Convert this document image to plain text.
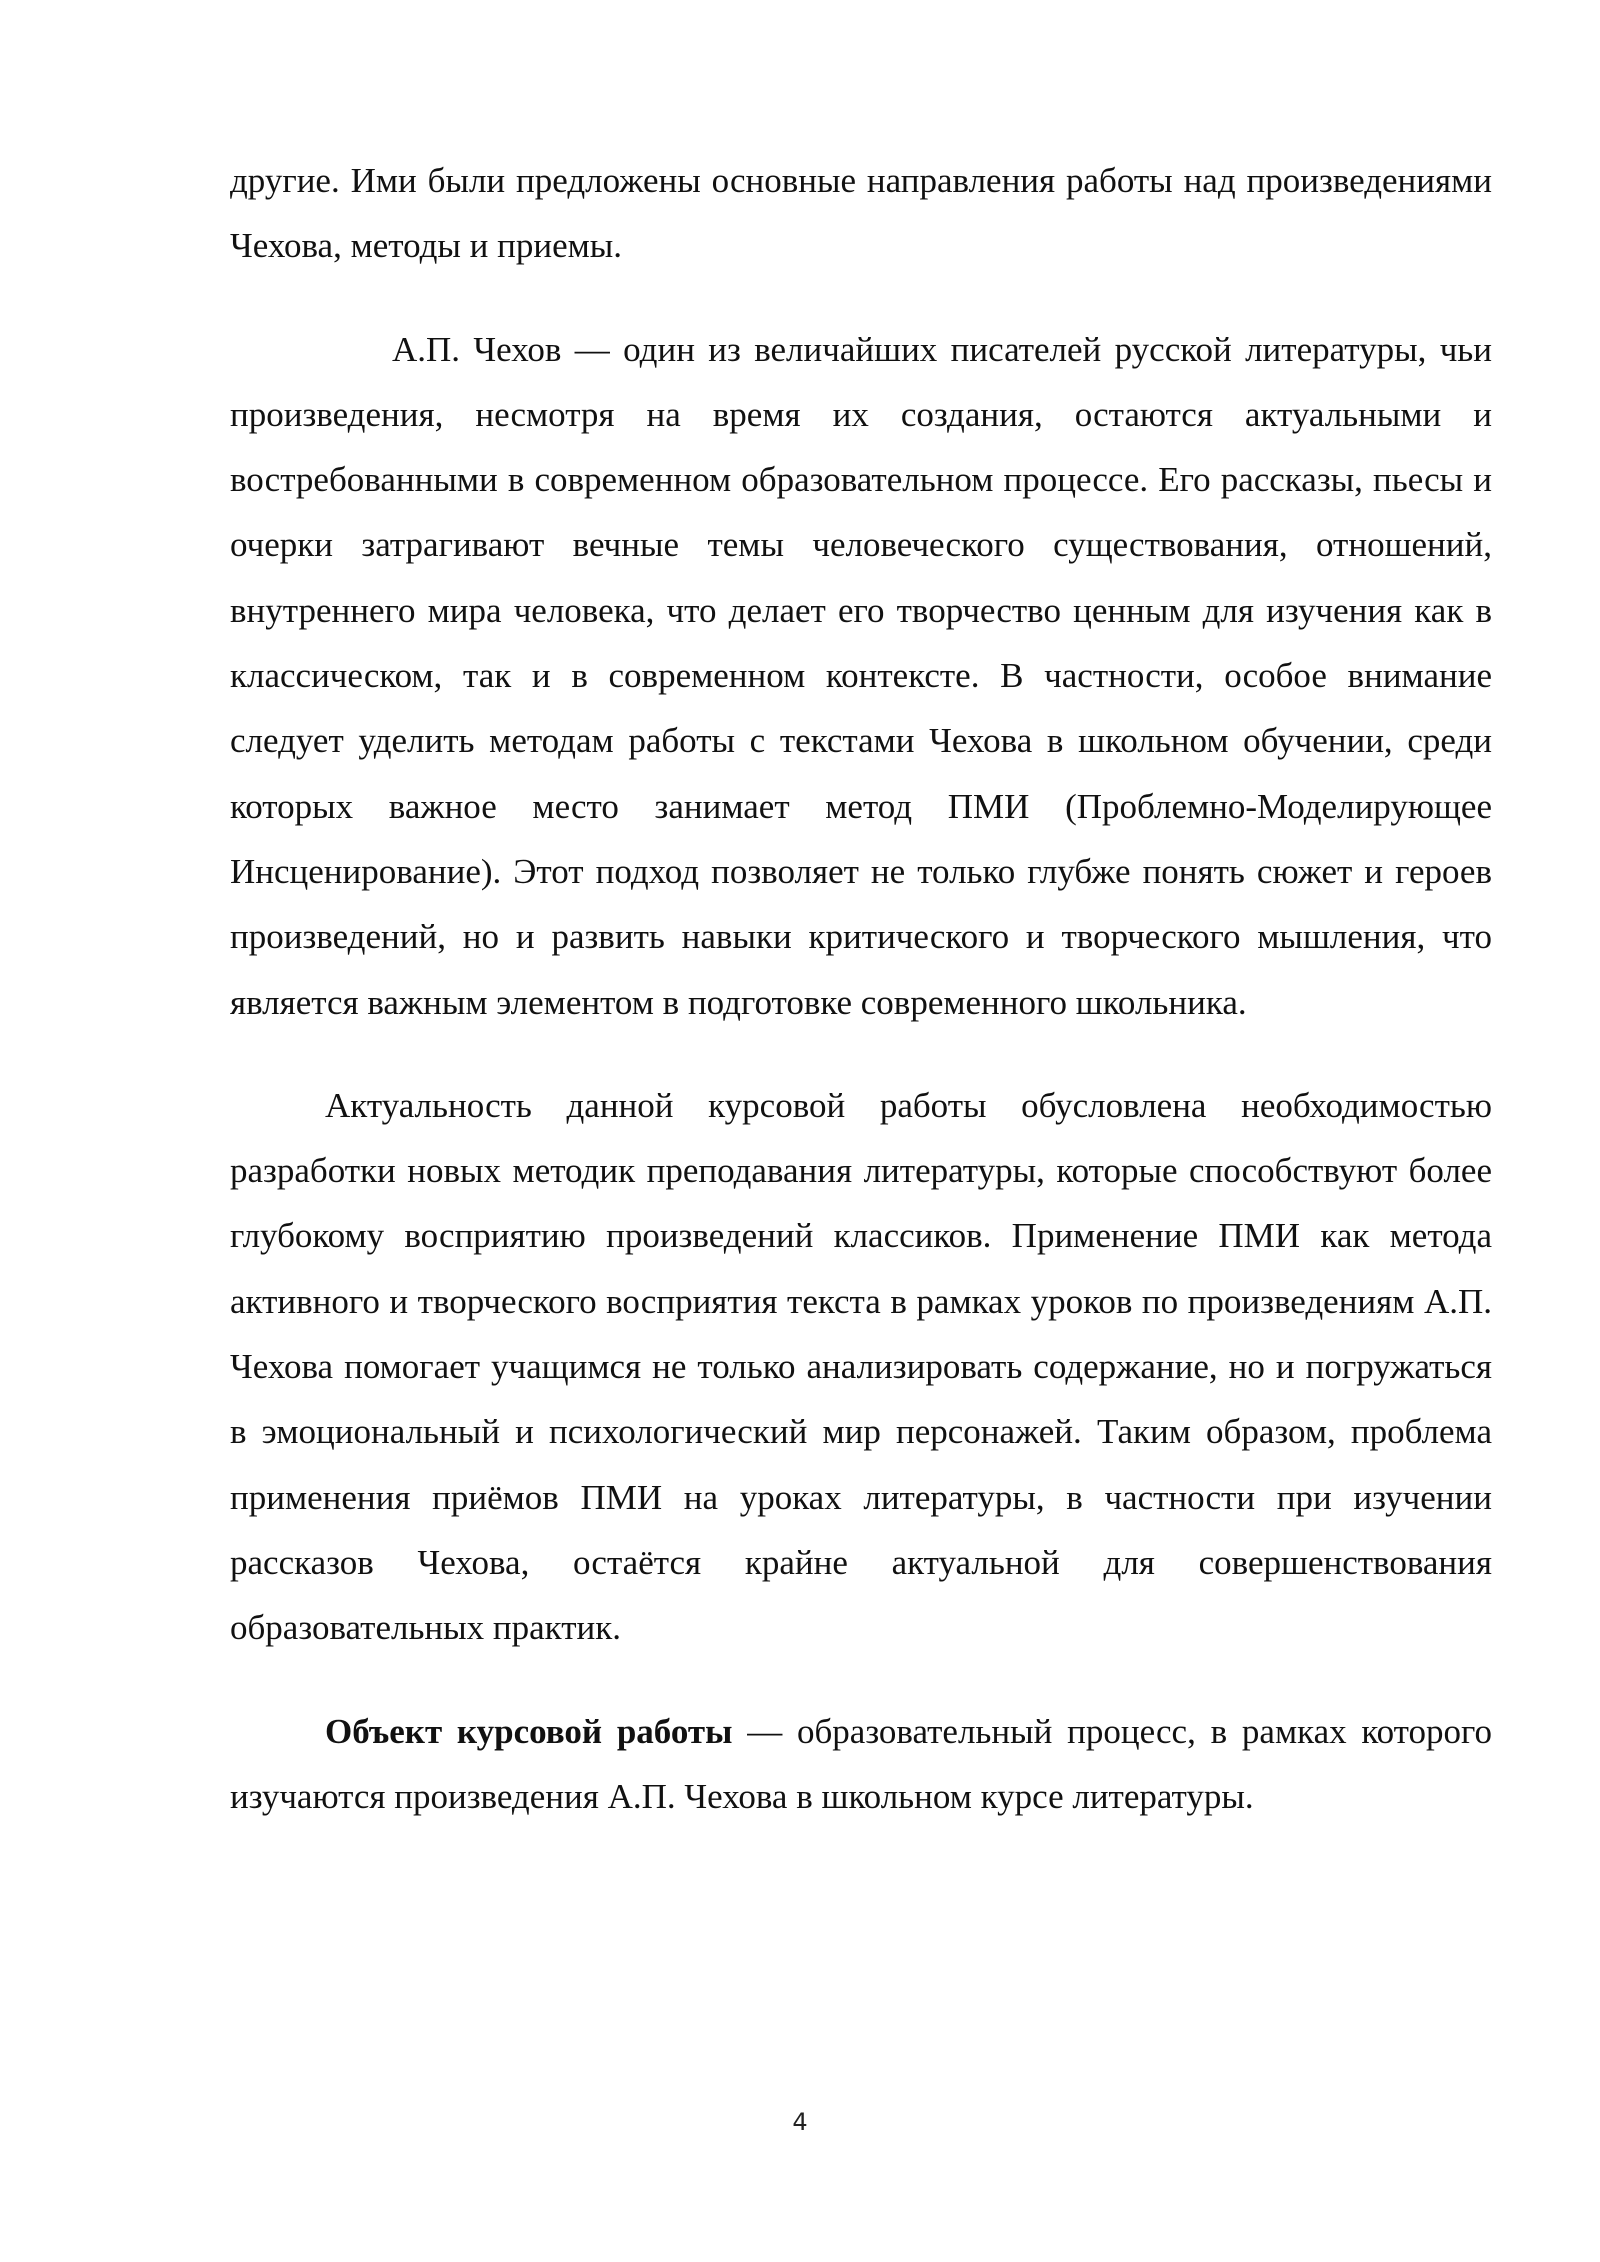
другие. Ими были предложены основные направления работы над произведениями Чехова, методы и приемы.

А.П. Чехов — один из величайших писателей русской литературы, чьи произведения, несмотря на время их создания, остаются актуальными и востребованными в современном образовательном процессе. Его рассказы, пьесы и очерки затрагивают вечные темы человеческого существования, отношений, внутреннего мира человека, что делает его творчество ценным для изучения как в классическом, так и в современном контексте. В частности, особое внимание следует уделить методам работы с текстами Чехова в школьном обучении, среди которых важное место занимает метод ПМИ (Проблемно-Моделирующее Инсценирование). Этот подход позволяет не только глубже понять сюжет и героев произведений, но и развить навыки критического и творческого мышления, что является важным элементом в подготовке современного школьника.

Актуальность данной курсовой работы обусловлена необходимостью разработки новых методик преподавания литературы, которые способствуют более глубокому восприятию произведений классиков. Применение ПМИ как метода активного и творческого восприятия текста в рамках уроков по произведениям А.П. Чехова помогает учащимся не только анализировать содержание, но и погружаться в эмоциональный и психологический мир персонажей. Таким образом, проблема применения приёмов ПМИ на уроках литературы, в частности при изучении рассказов Чехова, остаётся крайне актуальной для совершенствования образовательных практик.

Объект курсовой работы — образовательный процесс, в рамках которого изучаются произведения А.П. Чехова в школьном курсе литературы.

4
